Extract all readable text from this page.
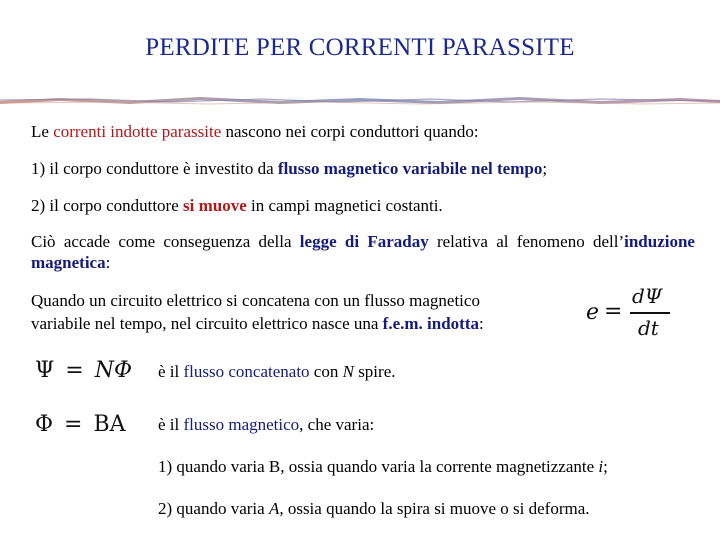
PERDITE PER CORRENTI PARASSITE
Le correnti indotte parassite nascono nei corpi conduttori quando:
1) il corpo conduttore è investito da flusso magnetico variabile nel tempo;
2) il corpo conduttore si muove in campi magnetici costanti.
Ciò accade come conseguenza della legge di Faraday relativa al fenomeno dell’induzione magnetica:
Quando un circuito elettrico si concatena con un flusso magnetico
variabile nel tempo, nel circuito elettrico nasce una f.e.m. indotta:	e =
dΨ
dt
Ψ = NΦ	è il flusso concatenato con N spire.
Φ = BA	è il flusso magnetico, che varia:
1) quando varia B, ossia quando varia la corrente magnetizzante i;
2) quando varia A, ossia quando la spira si muove o si deforma.
